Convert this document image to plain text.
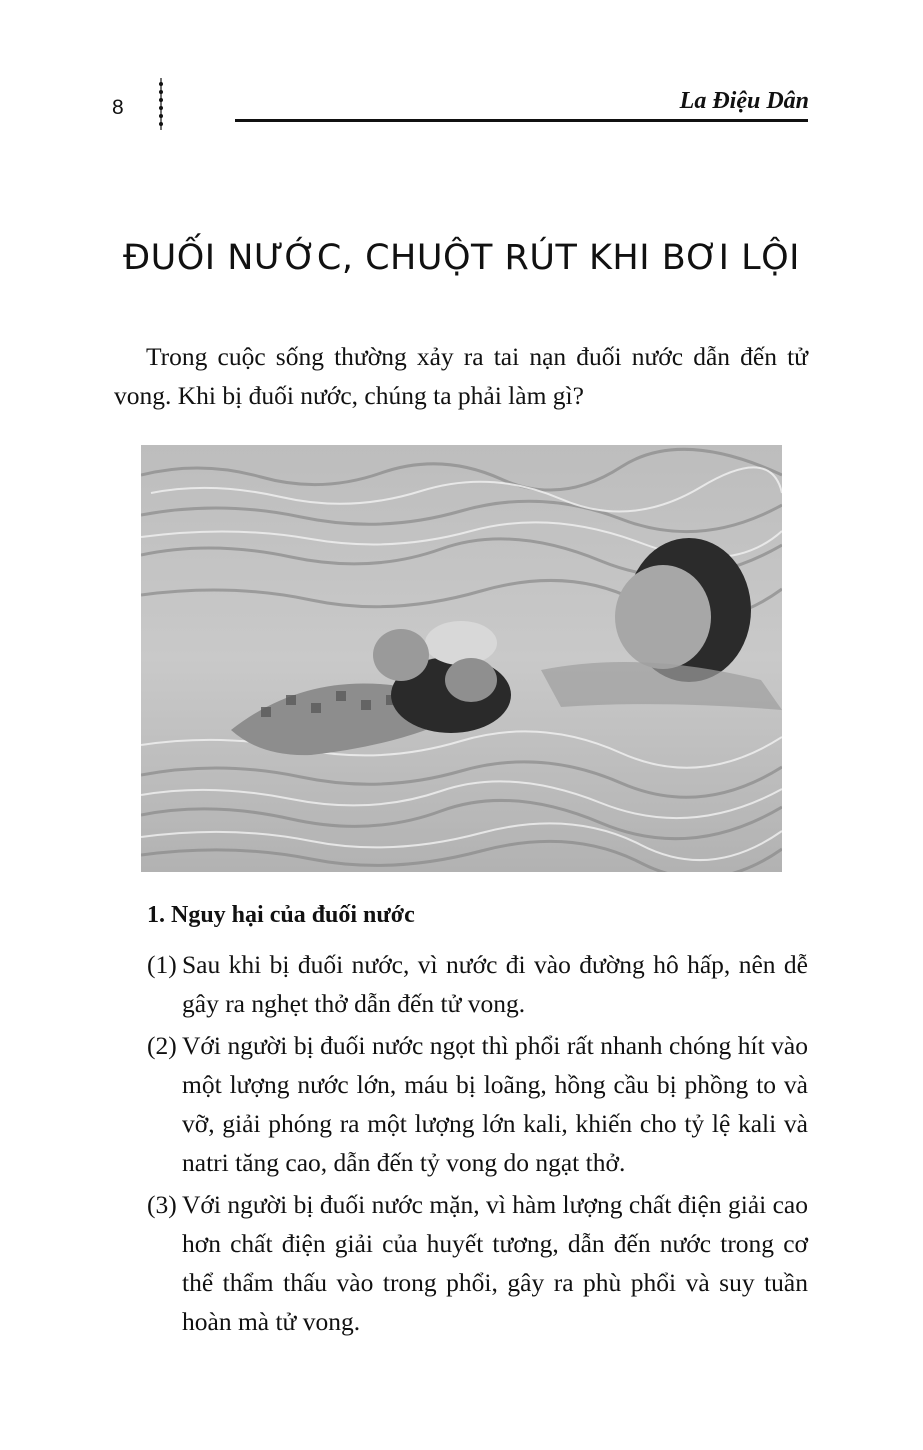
8	La Điệu Dân
ĐUỐI NƯỚC, CHUỘT RÚT KHI BƠI LỘI

Trong cuộc sống thường xảy ra tai nạn đuối nước dẫn đến tử vong. Khi bị đuối nước, chúng ta phải làm gì?

1. Nguy hại của đuối nước
(1) Sau khi bị đuối nước, vì nước đi vào đường hô hấp, nên dễ gây ra nghẹt thở dẫn đến tử vong.
(2) Với người bị đuối nước ngọt thì phổi rất nhanh chóng hít vào một lượng nước lớn, máu bị loãng, hồng cầu bị phồng to và vỡ, giải phóng ra một lượng lớn kali, khiến cho tỷ lệ kali và natri tăng cao, dẫn đến tỷ vong do ngạt thở.
(3) Với người bị đuối nước mặn, vì hàm lượng chất điện giải cao hơn chất điện giải của huyết tương, dẫn đến nước trong cơ thể thẩm thấu vào trong phổi, gây ra phù phổi và suy tuần hoàn mà tử vong.
